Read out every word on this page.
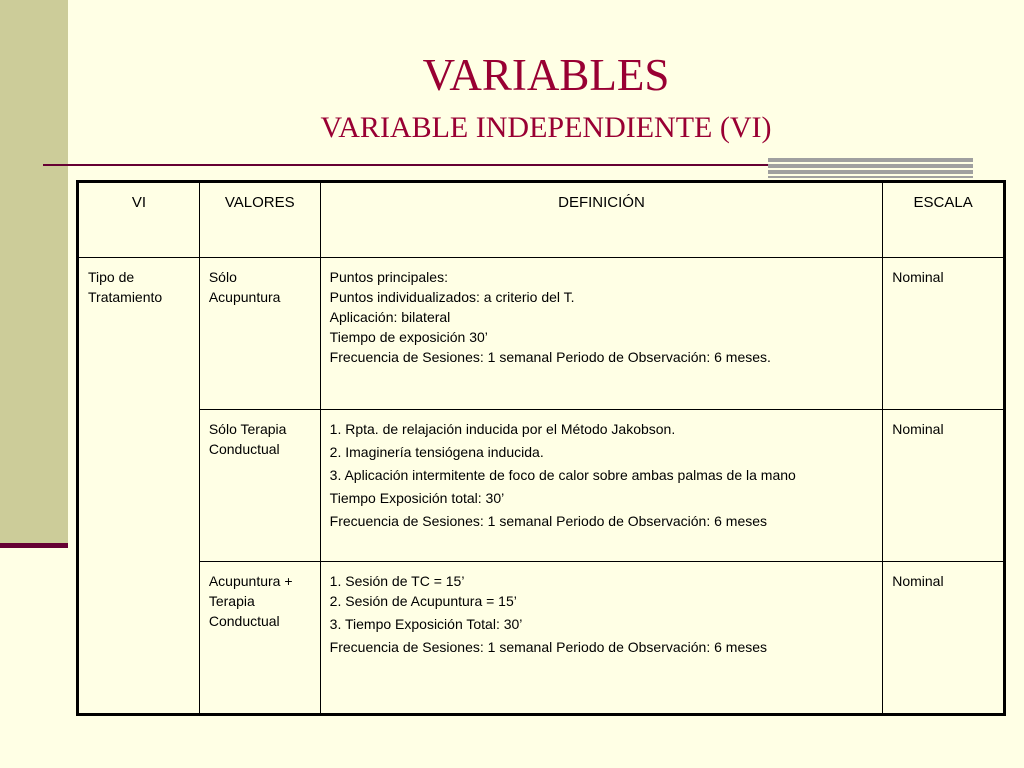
VARIABLES
VARIABLE INDEPENDIENTE (VI)
VI	VALORES	DEFINICIÓN	ESCALA
Tipo de Tratamiento	Sólo Acupuntura	Puntos principales:
Puntos individualizados: a criterio del T.
Aplicación: bilateral
Tiempo de exposición 30’
Frecuencia de Sesiones: 1 semanal Periodo de Observación: 6 meses.	Nominal
	Sólo Terapia Conductual	1. Rpta. de relajación inducida por el Método Jakobson.
2. Imaginería tensiógena inducida.
3. Aplicación intermitente de foco de calor sobre ambas palmas de la mano
Tiempo Exposición total: 30’
Frecuencia de Sesiones: 1 semanal Periodo de Observación: 6 meses	Nominal
	Acupuntura + Terapia Conductual	1. Sesión de TC = 15’
2. Sesión de Acupuntura = 15’
3. Tiempo Exposición Total: 30’
Frecuencia de Sesiones: 1 semanal Periodo de Observación: 6 meses	Nominal
